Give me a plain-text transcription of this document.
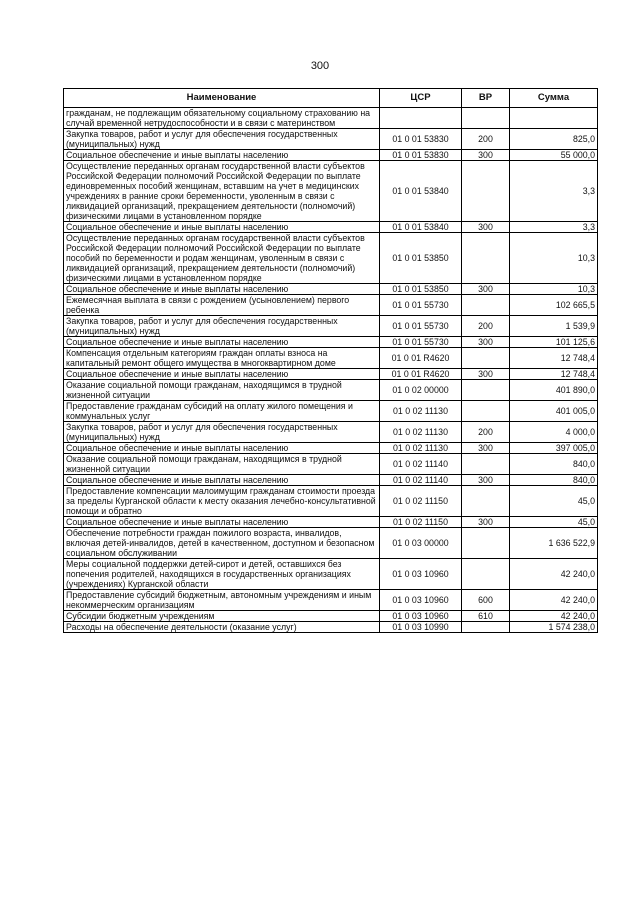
300
Наименование	ЦСР	ВР	Сумма
гражданам, не подлежащим обязательному социальному страхованию на случай временной нетрудоспособности и в связи с материнством			
Закупка товаров, работ и услуг для обеспечения государственных (муниципальных) нужд	01 0 01 53830	200	825,0
Социальное обеспечение и иные выплаты населению	01 0 01 53830	300	55 000,0
Осуществление переданных органам государственной власти субъектов Российской Федерации полномочий Российской Федерации по выплате единовременных пособий женщинам, вставшим на учет в медицинских учреждениях в ранние сроки беременности, уволенным в связи с ликвидацией организаций, прекращением деятельности (полномочий) физическими лицами в установленном порядке	01 0 01 53840		3,3
Социальное обеспечение и иные выплаты населению	01 0 01 53840	300	3,3
Осуществление переданных органам государственной власти субъектов Российской Федерации полномочий Российской Федерации по выплате пособий по беременности и родам женщинам, уволенным в связи с ликвидацией организаций, прекращением деятельности (полномочий) физическими лицами в установленном порядке	01 0 01 53850		10,3
Социальное обеспечение и иные выплаты населению	01 0 01 53850	300	10,3
Ежемесячная выплата в связи с рождением (усыновлением) первого ребенка	01 0 01 55730		102 665,5
Закупка товаров, работ и услуг для обеспечения государственных (муниципальных) нужд	01 0 01 55730	200	1 539,9
Социальное обеспечение и иные выплаты населению	01 0 01 55730	300	101 125,6
Компенсация отдельным категориям граждан оплаты взноса на капитальный ремонт общего имущества в многоквартирном доме	01 0 01 R4620		12 748,4
Социальное обеспечение и иные выплаты населению	01 0 01 R4620	300	12 748,4
Оказание социальной помощи гражданам, находящимся в трудной жизненной ситуации	01 0 02 00000		401 890,0
Предоставление гражданам субсидий на оплату жилого помещения и коммунальных услуг	01 0 02 11130		401 005,0
Закупка товаров, работ и услуг для обеспечения государственных (муниципальных) нужд	01 0 02 11130	200	4 000,0
Социальное обеспечение и иные выплаты населению	01 0 02 11130	300	397 005,0
Оказание социальной помощи гражданам, находящимся в трудной жизненной ситуации	01 0 02 11140		840,0
Социальное обеспечение и иные выплаты населению	01 0 02 11140	300	840,0
Предоставление компенсации малоимущим гражданам стоимости проезда за пределы Курганской области к месту оказания лечебно-консультативной помощи и обратно	01 0 02 11150		45,0
Социальное обеспечение и иные выплаты населению	01 0 02 11150	300	45,0
Обеспечение потребности граждан пожилого возраста, инвалидов, включая детей-инвалидов, детей в качественном, доступном и безопасном социальном обслуживании	01 0 03 00000		1 636 522,9
Меры социальной поддержки детей-сирот и детей, оставшихся без попечения родителей, находящихся в государственных организациях (учреждениях) Курганской области	01 0 03 10960		42 240,0
Предоставление субсидий бюджетным, автономным учреждениям и иным некоммерческим организациям	01 0 03 10960	600	42 240,0
Субсидии бюджетным учреждениям	01 0 03 10960	610	42 240,0
Расходы на обеспечение деятельности (оказание услуг)	01 0 03 10990		1 574 238,0
